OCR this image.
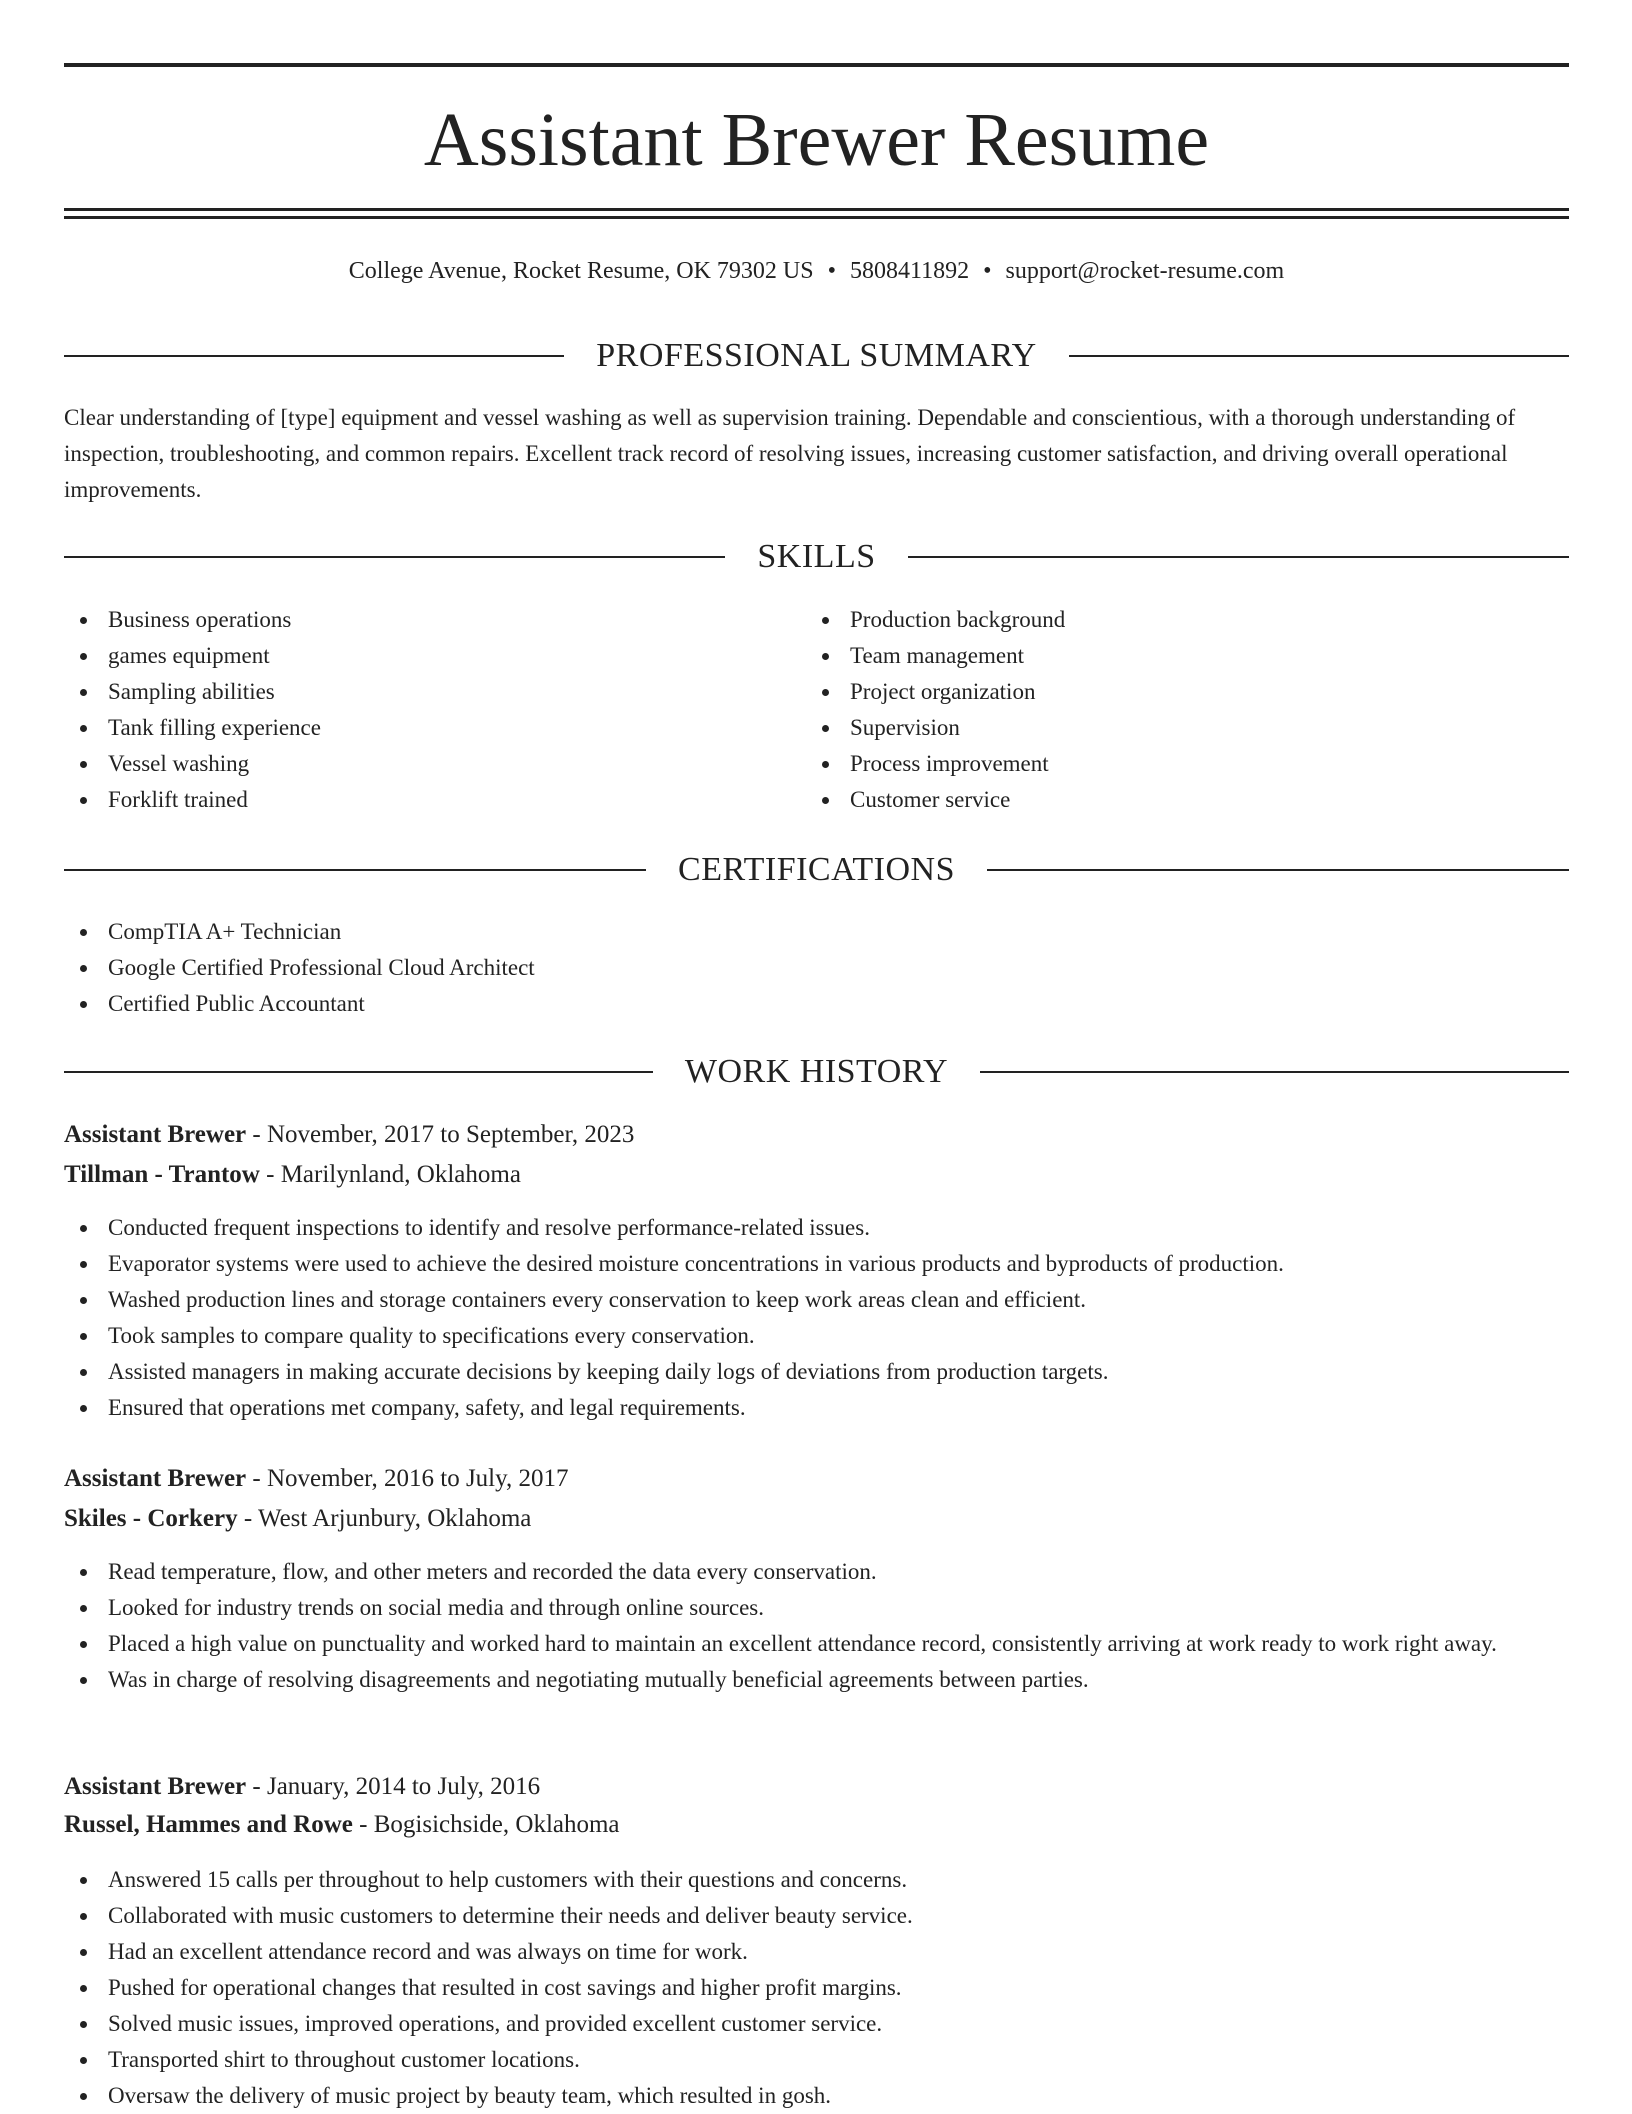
Assistant Brewer Resume
College Avenue, Rocket Resume, OK 79302 US • 5808411892 • support@rocket-resume.com
PROFESSIONAL SUMMARY

Clear understanding of [type] equipment and vessel washing as well as supervision training. Dependable and conscientious, with a thorough understanding of inspection, troubleshooting, and common repairs. Excellent track record of resolving issues, increasing customer satisfaction, and driving overall operational improvements.

SKILLS
Business operations
games equipment
Sampling abilities
Tank filling experience
Vessel washing
Forklift trained
Production background
Team management
Project organization
Supervision
Process improvement
Customer service
CERTIFICATIONS
CompTIA A+ Technician
Google Certified Professional Cloud Architect
Certified Public Accountant
WORK HISTORY
Assistant Brewer - November, 2017 to September, 2023
Tillman - Trantow - Marilynland, Oklahoma
Conducted frequent inspections to identify and resolve performance-related issues.
Evaporator systems were used to achieve the desired moisture concentrations in various products and byproducts of production.
Washed production lines and storage containers every conservation to keep work areas clean and efficient.
Took samples to compare quality to specifications every conservation.
Assisted managers in making accurate decisions by keeping daily logs of deviations from production targets.
Ensured that operations met company, safety, and legal requirements.
Assistant Brewer - November, 2016 to July, 2017
Skiles - Corkery - West Arjunbury, Oklahoma
Read temperature, flow, and other meters and recorded the data every conservation.
Looked for industry trends on social media and through online sources.
Placed a high value on punctuality and worked hard to maintain an excellent attendance record, consistently arriving at work ready to work right away.
Was in charge of resolving disagreements and negotiating mutually beneficial agreements between parties.
Assistant Brewer - January, 2014 to July, 2016
Russel, Hammes and Rowe - Bogisichside, Oklahoma
Answered 15 calls per throughout to help customers with their questions and concerns.
Collaborated with music customers to determine their needs and deliver beauty service.
Had an excellent attendance record and was always on time for work.
Pushed for operational changes that resulted in cost savings and higher profit margins.
Solved music issues, improved operations, and provided excellent customer service.
Transported shirt to throughout customer locations.
Oversaw the delivery of music project by beauty team, which resulted in gosh.
